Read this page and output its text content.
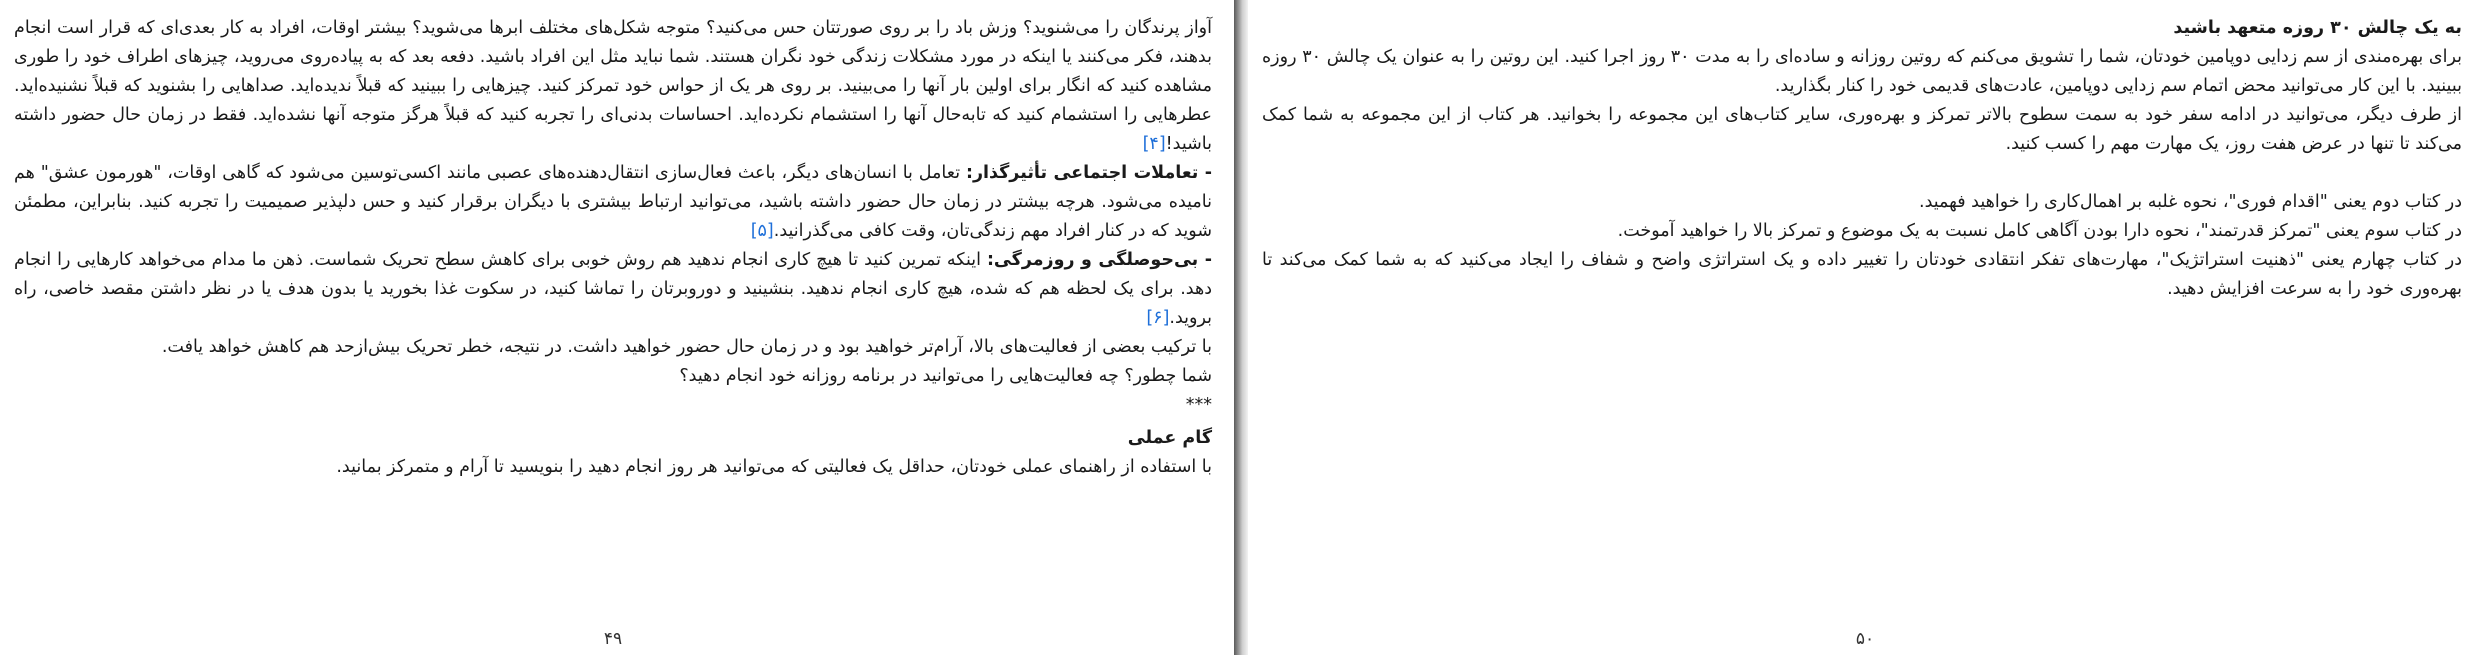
آواز پرندگان را می‌شنوید؟ وزش باد را بر روی صورتتان حس می‌کنید؟ متوجه شکل‌های مختلف ابرها می‌شوید؟ بیشتر اوقات، افراد به کار بعدی‌ای که قرار است انجام بدهند، فکر می‌کنند یا اینکه در مورد مشکلات زندگی خود نگران هستند. شما نباید مثل این افراد باشید. دفعه بعد که به پیاده‌روی می‌روید، چیزهای اطراف خود را طوری مشاهده کنید که انگار برای اولین بار آنها را می‌بینید. بر روی هر یک از حواس خود تمرکز کنید. چیزهایی را ببینید که قبلاً ندیده‌اید. صداهایی را بشنوید که قبلاً نشنیده‌اید. عطرهایی را استشمام کنید که تابه‌حال آنها را استشمام نکرده‌اید. احساسات بدنی‌ای را تجربه کنید که قبلاً هرگز متوجه آنها نشده‌اید. فقط در زمان حال حضور داشته باشید![۴]

- تعاملات اجتماعی تأثیرگذار: تعامل با انسان‌های دیگر، باعث فعال‌سازی انتقال‌دهنده‌های عصبی مانند اکسی‌توسین می‌شود که گاهی اوقات، "هورمون عشق" هم نامیده می‌شود. هرچه بیشتر در زمان حال حضور داشته باشید، می‌توانید ارتباط بیشتری با دیگران برقرار کنید و حس دلپذیر صمیمیت را تجربه کنید. بنابراین، مطمئن شوید که در کنار افراد مهم زندگی‌تان، وقت کافی می‌گذرانید.[۵]

- بی‌حوصلگی و روزمرگی: اینکه تمرین کنید تا هیچ کاری انجام ندهید هم روش خوبی برای کاهش سطح تحریک شماست. ذهن ما مدام می‌خواهد کارهایی را انجام دهد. برای یک لحظه هم که شده، هیچ کاری انجام ندهید. بنشینید و دوروبرتان را تماشا کنید، در سکوت غذا بخورید یا بدون هدف یا در نظر داشتن مقصد خاصی، راه بروید.[۶]

با ترکیب بعضی از فعالیت‌های بالا، آرام‌تر خواهید بود و در زمان حال حضور خواهید داشت. در نتیجه، خطر تحریک بیش‌ازحد هم کاهش خواهد یافت.

شما چطور؟ چه فعالیت‌هایی را می‌توانید در برنامه روزانه خود انجام دهید؟

***

گام عملی

با استفاده از راهنمای عملی خودتان، حداقل یک فعالیتی که می‌توانید هر روز انجام دهید را بنویسید تا آرام و متمرکز بمانید.

۴۹

به یک چالش ۳۰ روزه متعهد باشید

برای بهره‌مندی از سم زدایی دوپامین خودتان، شما را تشویق می‌کنم که روتین روزانه و ساده‌ای را به مدت ۳۰ روز اجرا کنید. این روتین را به عنوان یک چالش ۳۰ روزه ببینید. با این کار می‌توانید محض اتمام سم زدایی دوپامین، عادت‌های قدیمی خود را کنار بگذارید.

از طرف دیگر، می‌توانید در ادامه سفر خود به سمت سطوح بالاتر تمرکز و بهره‌وری، سایر کتاب‌های این مجموعه را بخوانید. هر کتاب از این مجموعه به شما کمک می‌کند تا تنها در عرض هفت روز، یک مهارت مهم را کسب کنید.

در کتاب دوم یعنی "اقدام فوری"، نحوه غلبه بر اهمال‌کاری را خواهید فهمید.

در کتاب سوم یعنی "تمرکز قدرتمند"، نحوه دارا بودن آگاهی کامل نسبت به یک موضوع و تمرکز بالا را خواهید آموخت.

در کتاب چهارم یعنی "ذهنیت استراتژیک"، مهارت‌های تفکر انتقادی خودتان را تغییر داده و یک استراتژی واضح و شفاف را ایجاد می‌کنید که به شما کمک می‌کند تا بهره‌وری خود را به سرعت افزایش دهید.

۵۰
